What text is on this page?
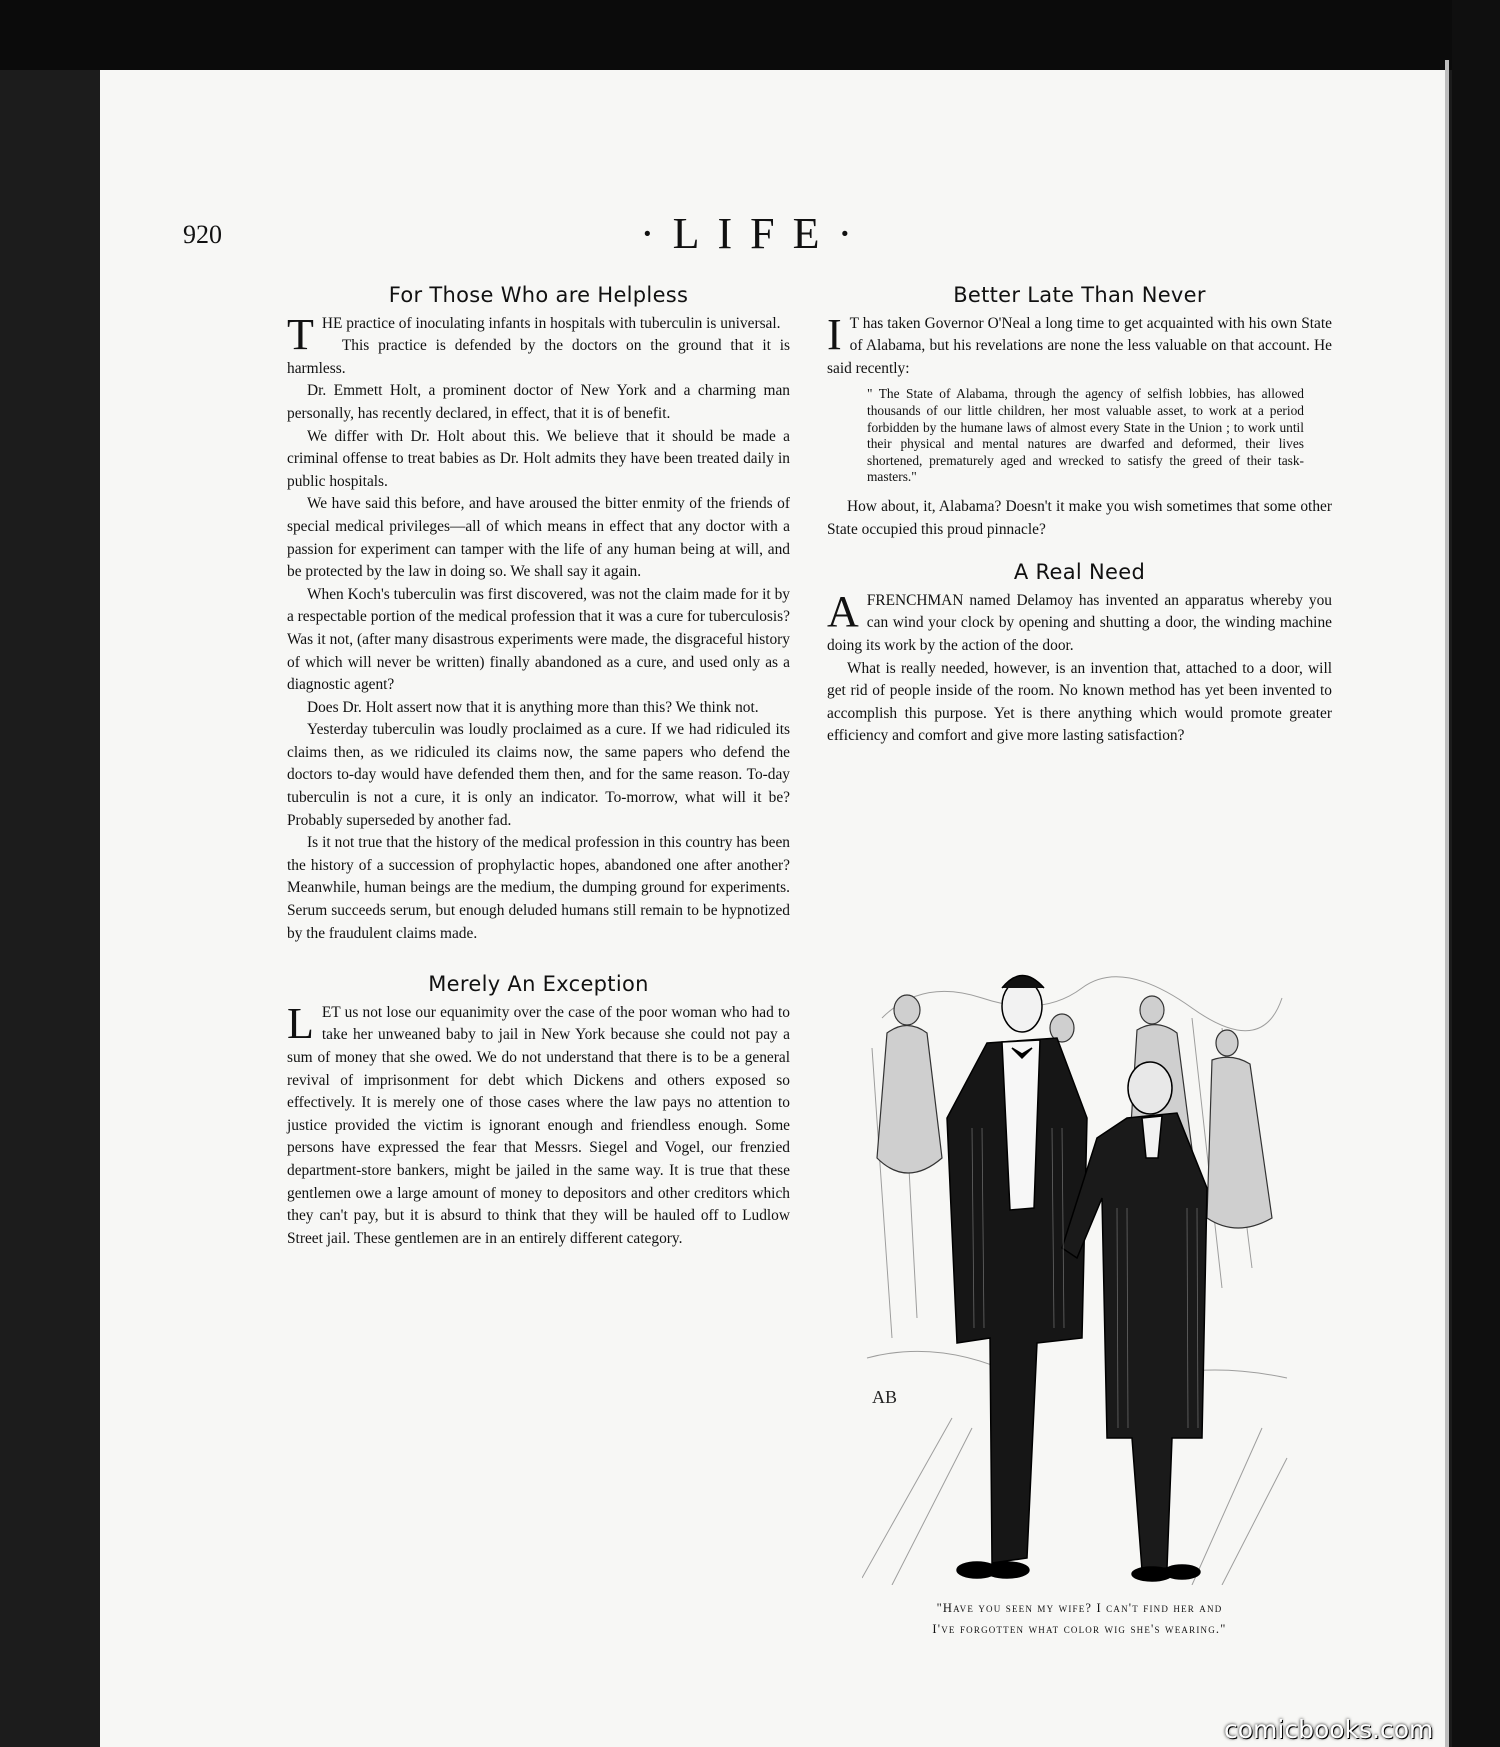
920	·LIFE·
For Those Who are Helpless

THE practice of inoculating infants in hospitals with tuberculin is universal.

This practice is defended by the doctors on the ground that it is harmless.

Dr. Emmett Holt, a prominent doctor of New York and a charming man personally, has recently declared, in effect, that it is of benefit.

We differ with Dr. Holt about this. We believe that it should be made a criminal offense to treat babies as Dr. Holt admits they have been treated daily in public hospitals.

We have said this before, and have aroused the bitter enmity of the friends of special medical privileges—all of which means in effect that any doctor with a passion for experiment can tamper with the life of any human being at will, and be protected by the law in doing so. We shall say it again.

When Koch's tuberculin was first discovered, was not the claim made for it by a respectable portion of the medical profession that it was a cure for tuberculosis? Was it not, (after many disastrous experiments were made, the disgraceful history of which will never be written) finally abandoned as a cure, and used only as a diagnostic agent?

Does Dr. Holt assert now that it is anything more than this? We think not.

Yesterday tuberculin was loudly proclaimed as a cure. If we had ridiculed its claims then, as we ridiculed its claims now, the same papers who defend the doctors to-day would have defended them then, and for the same reason. To-day tuberculin is not a cure, it is only an indicator. To-morrow, what will it be? Probably superseded by another fad.

Is it not true that the history of the medical profession in this country has been the history of a succession of prophylactic hopes, abandoned one after another? Meanwhile, human beings are the medium, the dumping ground for experiments. Serum succeeds serum, but enough deluded humans still remain to be hypnotized by the fraudulent claims made.

Merely An Exception

LET us not lose our equanimity over the case of the poor woman who had to take her unweaned baby to jail in New York because she could not pay a sum of money that she owed. We do not understand that there is to be a general revival of imprisonment for debt which Dickens and others exposed so effectively. It is merely one of those cases where the law pays no attention to justice provided the victim is ignorant enough and friendless enough. Some persons have expressed the fear that Messrs. Siegel and Vogel, our frenzied department-store bankers, might be jailed in the same way. It is true that these gentlemen owe a large amount of money to depositors and other creditors which they can't pay, but it is absurd to think that they will be hauled off to Ludlow Street jail. These gentlemen are in an entirely different category.

Better Late Than Never

I T has taken Governor O'Neal a long time to get acquainted with his own State of Alabama, but his revelations are none the less valuable on that account. He said recently:

" The State of Alabama, through the agency of selfish lobbies, has allowed thousands of our little children, her most valuable asset, to work at a period forbidden by the humane laws of almost every State in the Union ; to work until their physical and mental natures are dwarfed and deformed, their lives shortened, prematurely aged and wrecked to satisfy the greed of their task-masters."

How about, it, Alabama? Doesn't it make you wish sometimes that some other State occupied this proud pinnacle?

A Real Need

AFRENCHMAN named Delamoy has invented an apparatus whereby you can wind your clock by opening and shutting a door, the winding machine doing its work by the action of the door.

What is really needed, however, is an invention that, attached to a door, will get rid of people inside of the room. No known method has yet been invented to accomplish this purpose. Yet is there anything which would promote greater efficiency and comfort and give more lasting satisfaction?

AB
"Have you seen my wife? I can't find her and
I've forgotten what color wig she's wearing."
comicbooks.com
